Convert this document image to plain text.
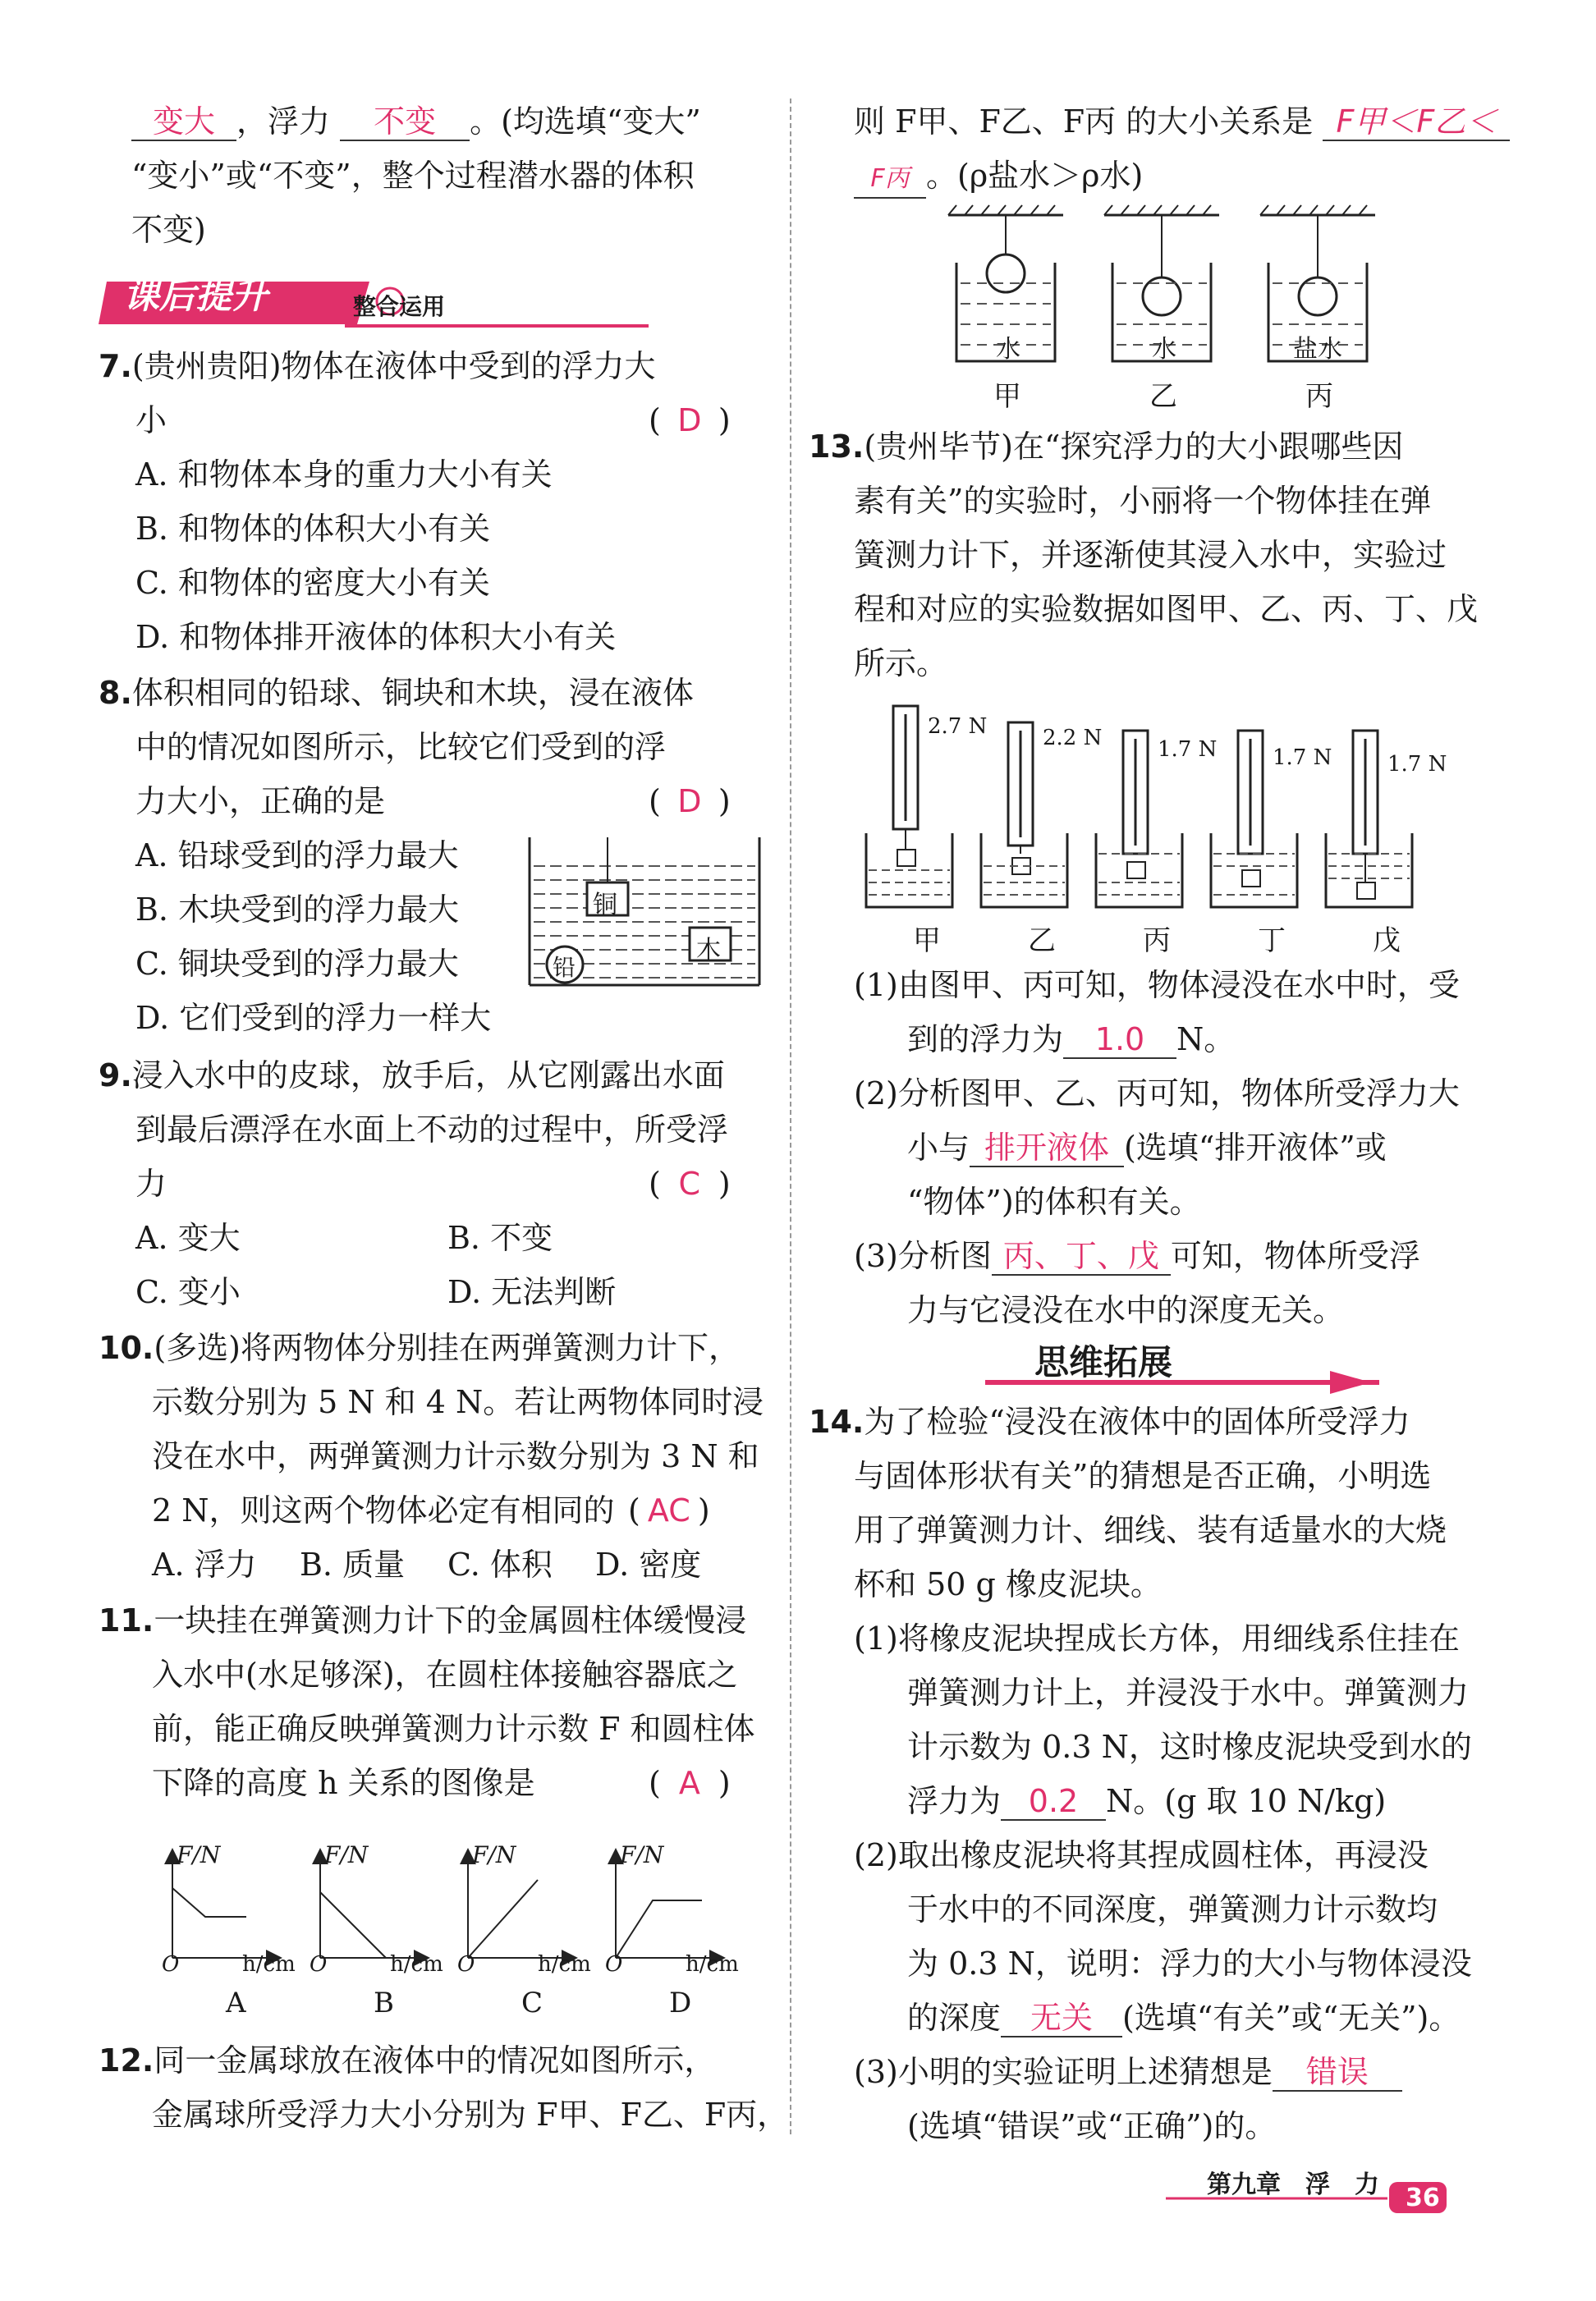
变大 ，浮力 不变 。(均选填“变大”
“变小”或“不变”，整个过程潜水器的体积
不变)
课后提升	整合运用
7.(贵州贵阳)物体在液体中受到的浮力大
小	( D )
A. 和物体本身的重力大小有关
B. 和物体的体积大小有关
C. 和物体的密度大小有关
D. 和物体排开液体的体积大小有关
8.体积相同的铅球、铜块和木块，浸在液体
中的情况如图所示，比较它们受到的浮
力大小，正确的是	( D )
A. 铅球受到的浮力最大
B. 木块受到的浮力最大
C. 铜块受到的浮力最大
D. 它们受到的浮力一样大
铜
木
铅
9.浸入水中的皮球，放手后，从它刚露出水面
到最后漂浮在水面上不动的过程中，所受浮
力	( C )
A. 变大	B. 不变
C. 变小	D. 无法判断
10.(多选)将两物体分别挂在两弹簧测力计下，
示数分别为 5 N 和 4 N。若让两物体同时浸
没在水中，两弹簧测力计示数分别为 3 N 和
2 N，则这两个物体必定有相同的 ( AC )
A. 浮力 B. 质量 C. 体积 D. 密度
11.一块挂在弹簧测力计下的金属圆柱体缓慢浸
入水中(水足够深)，在圆柱体接触容器底之
前，能正确反映弹簧测力计示数 F 和圆柱体
下降的高度 h 关系的图像是	( A )
F/N	F/N	F/N	F/N
O	O	O	O
h/cm	h/cm	h/cm	h/cm
A	B	C	D
12.同一金属球放在液体中的情况如图所示，
金属球所受浮力大小分别为 F甲、F乙、F丙，
则 F甲、F乙、F丙 的大小关系是 F甲＜F乙＜
F丙 。(ρ盐水＞ρ水)
水	水	盐水
甲	乙	丙
13.(贵州毕节)在“探究浮力的大小跟哪些因
素有关”的实验时，小丽将一个物体挂在弹
簧测力计下，并逐渐使其浸入水中，实验过
程和对应的实验数据如图甲、乙、丙、丁、戊
所示。
2.7 N	2.2 N	1.7 N	1.7 N	1.7 N
甲	乙	丙	丁	戊
(1)由图甲、丙可知，物体浸没在水中时，受
到的浮力为 1.0 N。
(2)分析图甲、乙、丙可知，物体所受浮力大
小与 排开液体 (选填“排开液体”或
“物体”)的体积有关。
(3)分析图 丙、丁、戊 可知，物体所受浮
力与它浸没在水中的深度无关。
思维拓展
14.为了检验“浸没在液体中的固体所受浮力
与固体形状有关”的猜想是否正确，小明选
用了弹簧测力计、细线、装有适量水的大烧
杯和 50 g 橡皮泥块。
(1)将橡皮泥块捏成长方体，用细线系住挂在
弹簧测力计上，并浸没于水中。弹簧测力
计示数为 0.3 N，这时橡皮泥块受到水的
浮力为 0.2 N。(g 取 10 N/kg)
(2)取出橡皮泥块将其捏成圆柱体，再浸没
于水中的不同深度，弹簧测力计示数均
为 0.3 N，说明：浮力的大小与物体浸没
的深度 无关 (选填“有关”或“无关”)。
(3)小明的实验证明上述猜想是 错误
(选填“错误”或“正确”)的。
第九章　浮　力 36
